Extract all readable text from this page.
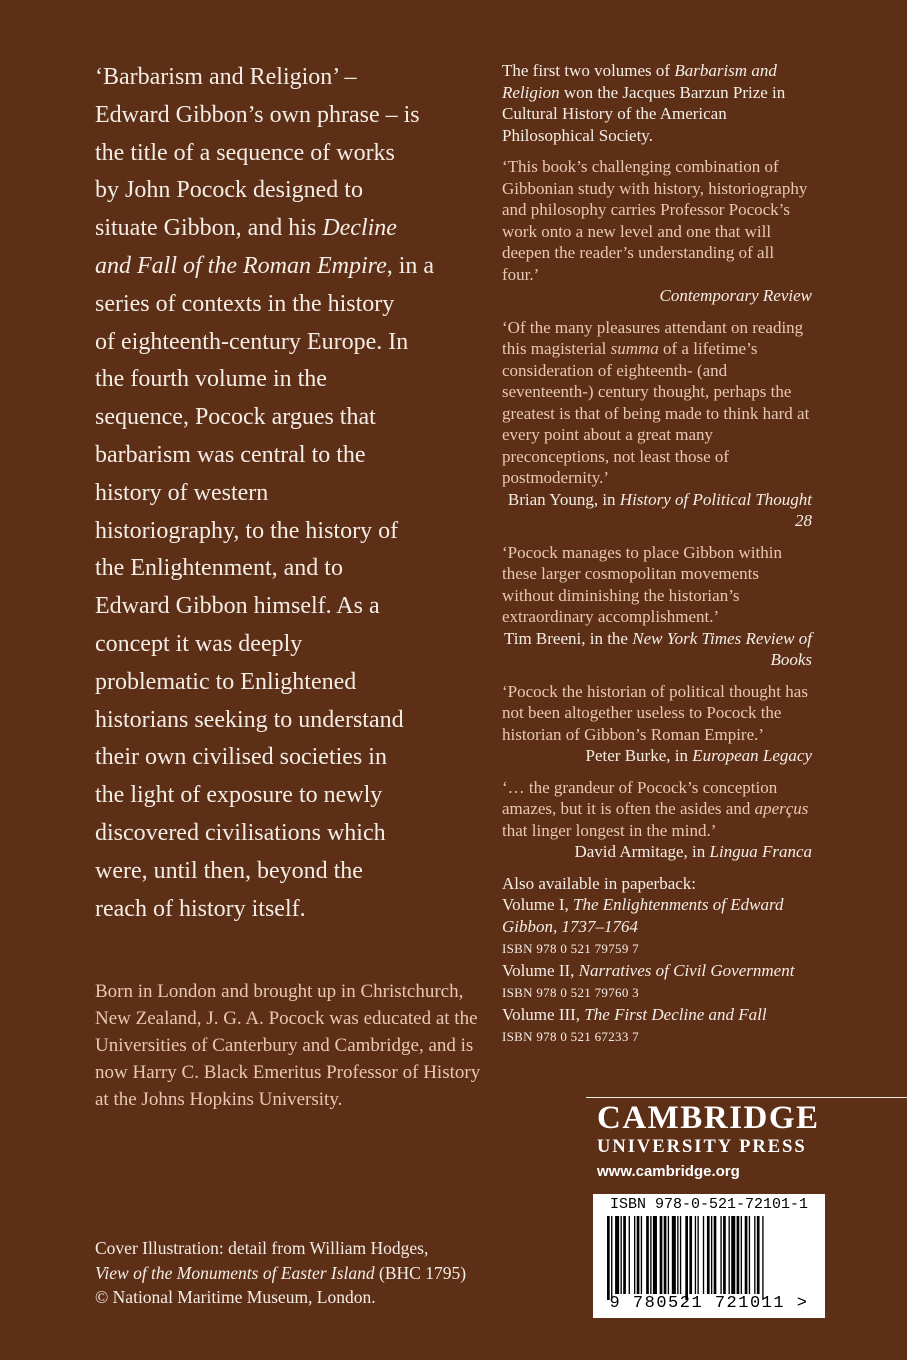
‘Barbarism and Religion’ –
Edward Gibbon’s own phrase – is
the title of a sequence of works
by John Pocock designed to
situate Gibbon, and his Decline
and Fall of the Roman Empire, in a
series of contexts in the history
of eighteenth-century Europe. In
the fourth volume in the
sequence, Pocock argues that
barbarism was central to the
history of western
historiography, to the history of
the Enlightenment, and to
Edward Gibbon himself. As a
concept it was deeply
problematic to Enlightened
historians seeking to understand
their own civilised societies in
the light of exposure to newly
discovered civilisations which
were, until then, beyond the
reach of history itself.

Born in London and brought up in Christchurch, New Zealand, J. G. A. Pocock was educated at the Universities of Canterbury and Cambridge, and is now Harry C. Black Emeritus Professor of History at the Johns Hopkins University.

Cover Illustration: detail from William Hodges,
View of the Monuments of Easter Island (BHC 1795)
© National Maritime Museum, London.

The first two volumes of Barbarism and Religion won the Jacques Barzun Prize in Cultural History of the American Philosophical Society.

‘This book’s challenging combination of Gibbonian study with history, historiography and philosophy carries Professor Pocock’s work onto a new level and one that will deepen the reader’s understanding of all four.’

Contemporary Review

‘Of the many pleasures attendant on reading this magisterial summa of a lifetime’s consideration of eighteenth- (and seventeenth-) century thought, perhaps the greatest is that of being made to think hard at every point about a great many preconceptions, not least those of postmodernity.’

Brian Young, in History of Political Thought 28

‘Pocock manages to place Gibbon within these larger cosmopolitan movements without diminishing the historian’s extraordinary accomplishment.’

Tim Breeni, in the New York Times Review of Books

‘Pocock the historian of political thought has not been altogether useless to Pocock the historian of Gibbon’s Roman Empire.’

Peter Burke, in European Legacy

‘… the grandeur of Pocock’s conception amazes, but it is often the asides and aperçus that linger longest in the mind.’

David Armitage, in Lingua Franca

Also available in paperback:
Volume I, The Enlightenments of Edward Gibbon, 1737–1764
ISBN 978 0 521 79759 7
Volume II, Narratives of Civil Government
ISBN 978 0 521 79760 3
Volume III, The First Decline and Fall
ISBN 978 0 521 67233 7

CAMBRIDGE
UNIVERSITY PRESS
www.cambridge.org
ISBN 978-0-521-72101-1
9 780521 721011 >
